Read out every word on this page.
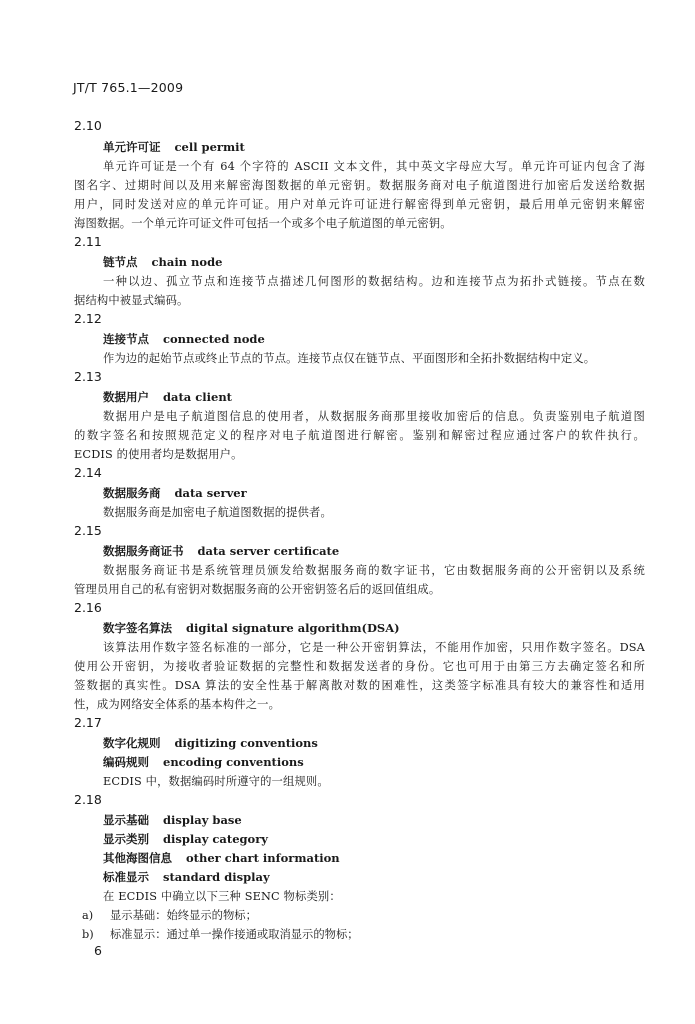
JT/T 765.1—2009
2.10
单元许可证 cell permit
单元许可证是一个有 64 个字符的 ASCII 文本文件，其中英文字母应大写。单元许可证内包含了海
图名字、过期时间以及用来解密海图数据的单元密钥。数据服务商对电子航道图进行加密后发送给数据
用户，同时发送对应的单元许可证。用户对单元许可证进行解密得到单元密钥，最后用单元密钥来解密
海图数据。一个单元许可证文件可包括一个或多个电子航道图的单元密钥。
2.11
链节点 chain node
一种以边、孤立节点和连接节点描述几何图形的数据结构。边和连接节点为拓扑式链接。节点在数
据结构中被显式编码。
2.12
连接节点 connected node
作为边的起始节点或终止节点的节点。连接节点仅在链节点、平面图形和全拓扑数据结构中定义。
2.13
数据用户 data client
数据用户是电子航道图信息的使用者，从数据服务商那里接收加密后的信息。负责鉴别电子航道图
的数字签名和按照规范定义的程序对电子航道图进行解密。鉴别和解密过程应通过客户的软件执行。
ECDIS 的使用者均是数据用户。
2.14
数据服务商 data server
数据服务商是加密电子航道图数据的提供者。
2.15
数据服务商证书 data server certificate
数据服务商证书是系统管理员颁发给数据服务商的数字证书，它由数据服务商的公开密钥以及系统
管理员用自己的私有密钥对数据服务商的公开密钥签名后的返回值组成。
2.16
数字签名算法 digital signature algorithm(DSA)
该算法用作数字签名标准的一部分，它是一种公开密钥算法，不能用作加密，只用作数字签名。DSA
使用公开密钥，为接收者验证数据的完整性和数据发送者的身份。它也可用于由第三方去确定签名和所
签数据的真实性。DSA 算法的安全性基于解离散对数的困难性，这类签字标准具有较大的兼容性和适用
性，成为网络安全体系的基本构件之一。
2.17
数字化规则 digitizing conventions
编码规则 encoding conventions
ECDIS 中，数据编码时所遵守的一组规则。
2.18
显示基础 display base
显示类别 display category
其他海图信息 other chart information
标准显示 standard display
在 ECDIS 中确立以下三种 SENC 物标类别：
a) 显示基础：始终显示的物标；
b) 标准显示：通过单一操作接通或取消显示的物标；
6
